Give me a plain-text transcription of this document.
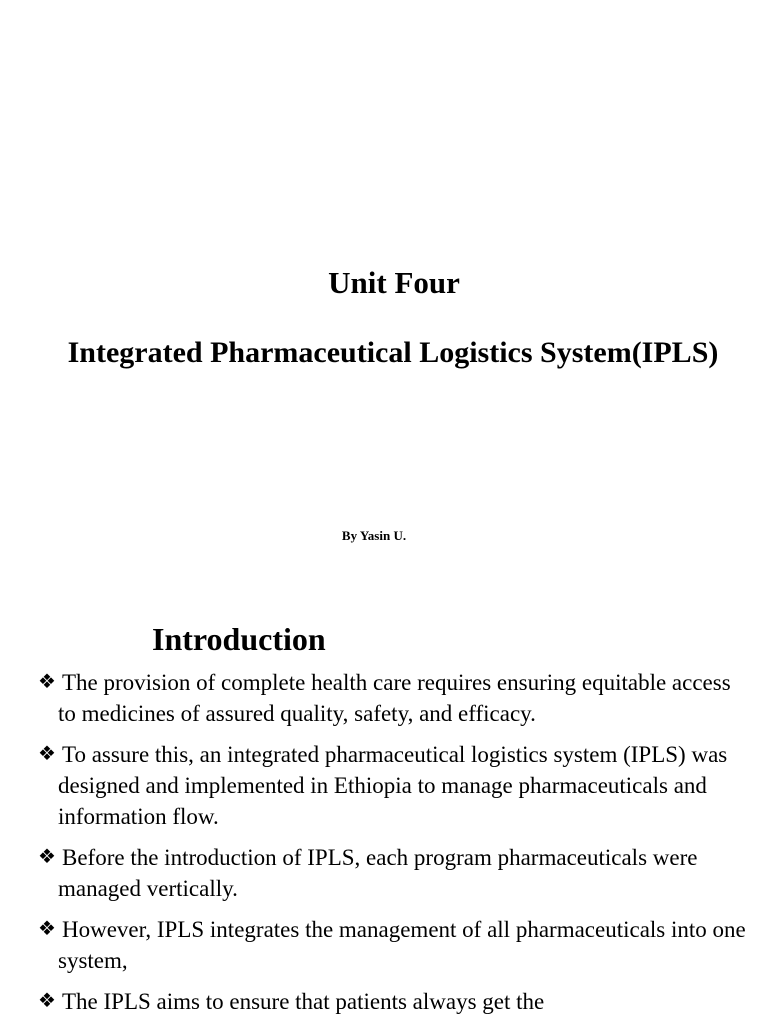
Unit Four
Integrated Pharmaceutical Logistics System(IPLS)
By Yasin U.
Introduction
❖ The provision of complete health care requires ensuring equitable access to medicines of assured quality, safety, and efficacy.
❖ To assure this, an integrated pharmaceutical logistics system (IPLS) was designed and implemented in Ethiopia to manage pharmaceuticals and information flow.
❖ Before the introduction of IPLS, each program pharmaceuticals were managed vertically.
❖ However, IPLS integrates the management of all pharmaceuticals into one system,
❖ The IPLS aims to ensure that patients always get the
